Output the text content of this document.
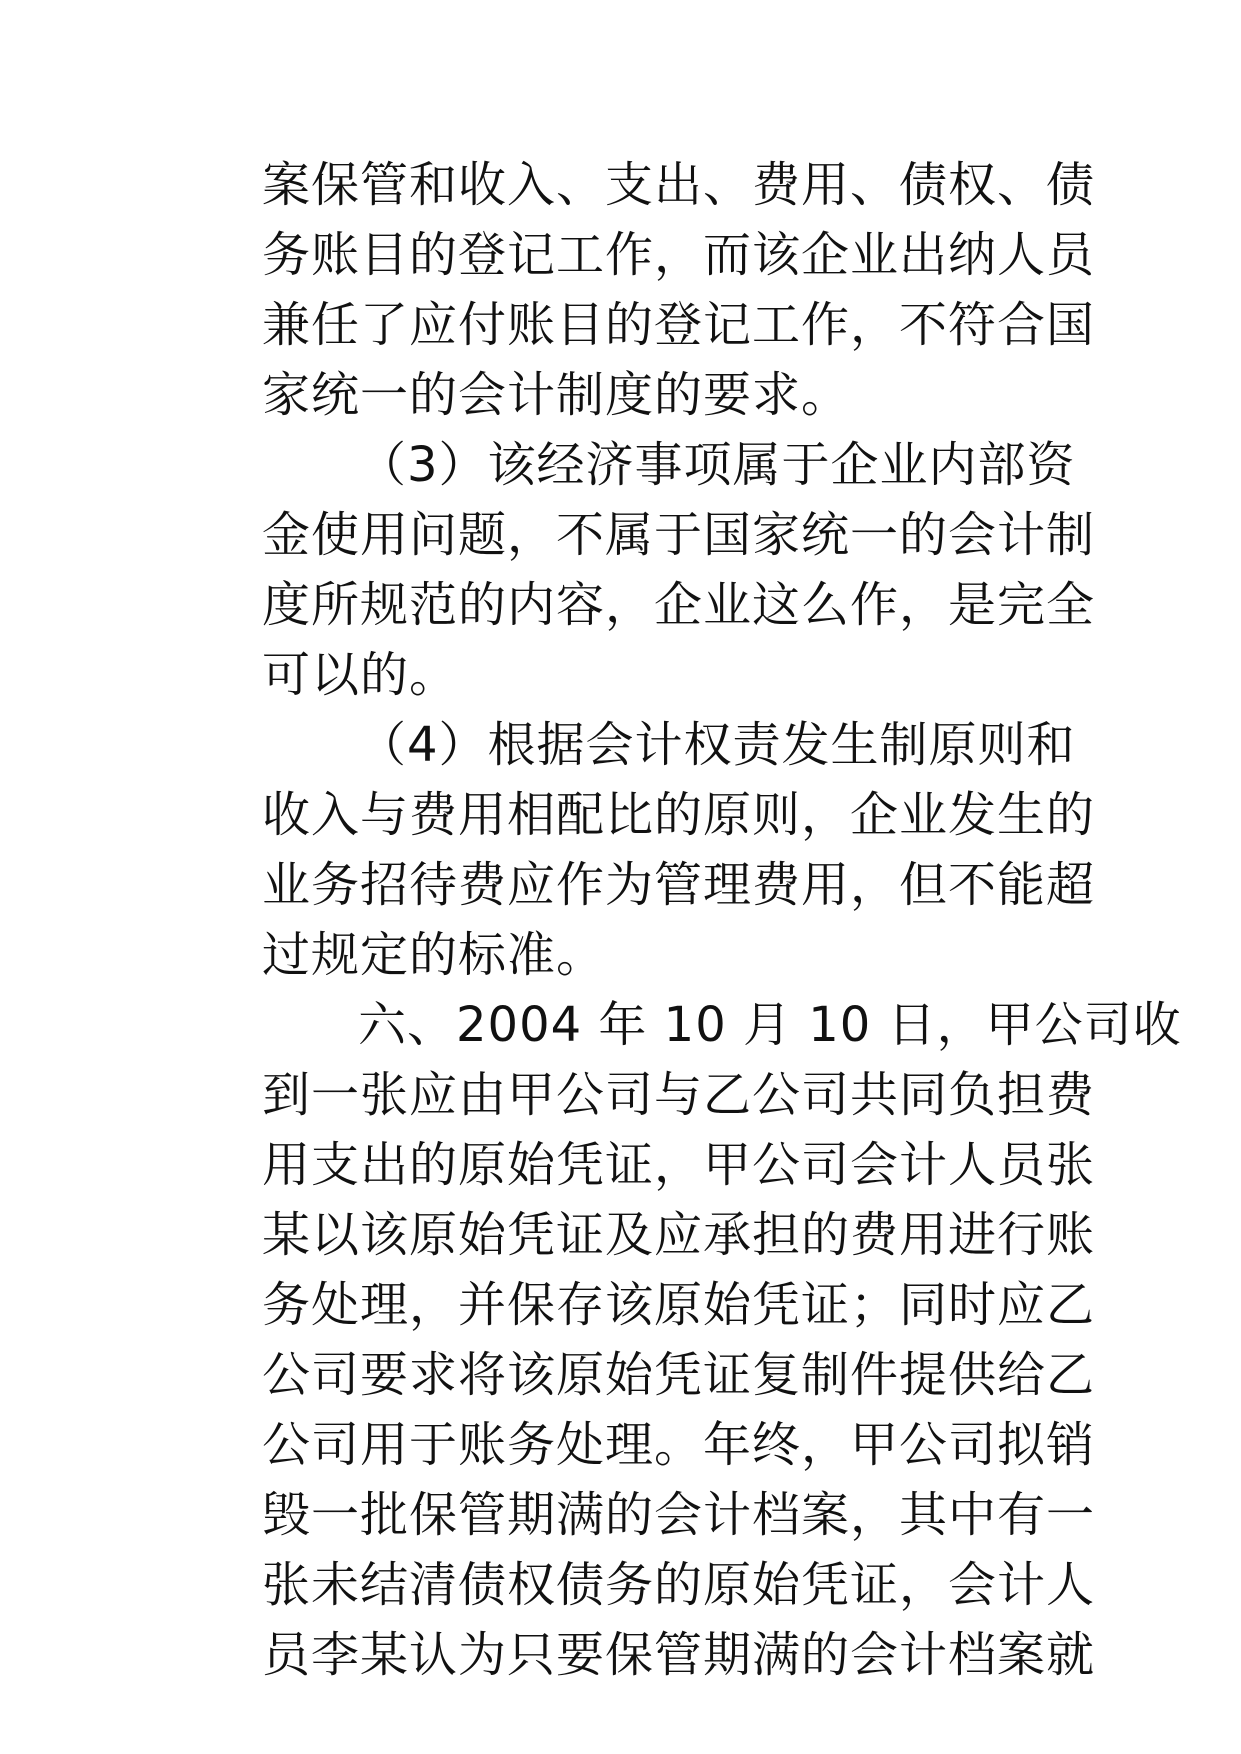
案保管和收入、支出、费用、债权、债
务账目的登记工作，而该企业出纳人员
兼任了应付账目的登记工作，不符合国
家统一的会计制度的要求。
（3）该经济事项属于企业内部资
金使用问题，不属于国家统一的会计制
度所规范的内容，企业这么作，是完全
可以的。
（4）根据会计权责发生制原则和
收入与费用相配比的原则，企业发生的
业务招待费应作为管理费用，但不能超
过规定的标准。
六、2004 年 10 月 10 日，甲公司收
到一张应由甲公司与乙公司共同负担费
用支出的原始凭证，甲公司会计人员张
某以该原始凭证及应承担的费用进行账
务处理，并保存该原始凭证；同时应乙
公司要求将该原始凭证复制件提供给乙
公司用于账务处理。年终，甲公司拟销
毁一批保管期满的会计档案，其中有一
张未结清债权债务的原始凭证，会计人
员李某认为只要保管期满的会计档案就
